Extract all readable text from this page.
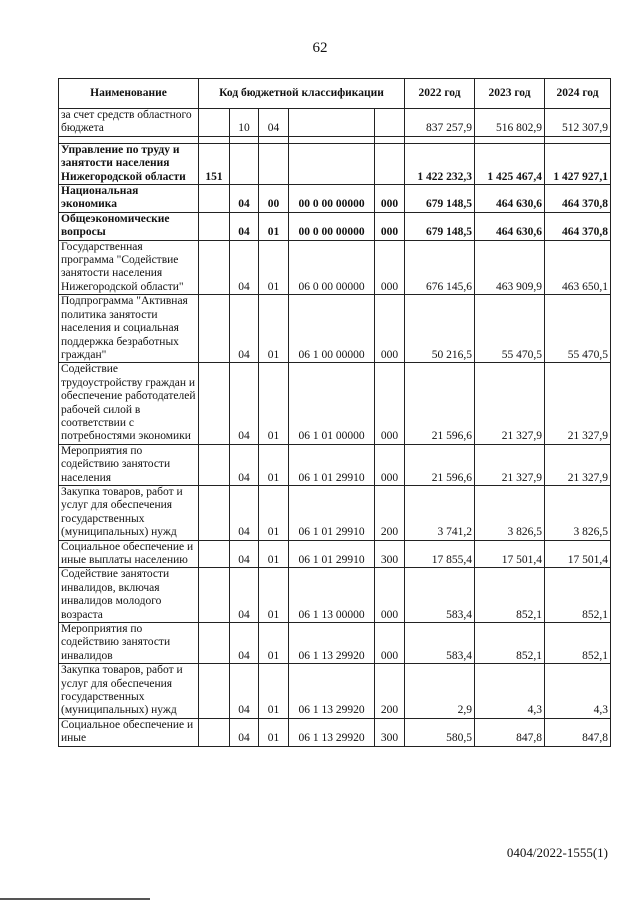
62
Наименование	Код бюджетной классификации					2022 год	2023 год	2024 год
за счет средств областного бюджета		10	04			837 257,9	516 802,9	512 307,9

Управление по труду и занятости населения Нижегородской области	151					1 422 232,3	1 425 467,4	1 427 927,1
Национальная экономика		04	00	00 0 00 00000	000	679 148,5	464 630,6	464 370,8
Общеэкономические вопросы		04	01	00 0 00 00000	000	679 148,5	464 630,6	464 370,8
Государственная программа "Содействие занятости населения Нижегородской области"		04	01	06 0 00 00000	000	676 145,6	463 909,9	463 650,1
Подпрограмма "Активная политика занятости населения и социальная поддержка безработных граждан"		04	01	06 1 00 00000	000	50 216,5	55 470,5	55 470,5
Содействие трудоустройству граждан и обеспечение работодателей рабочей силой в соответствии с потребностями экономики		04	01	06 1 01 00000	000	21 596,6	21 327,9	21 327,9
Мероприятия по содействию занятости населения		04	01	06 1 01 29910	000	21 596,6	21 327,9	21 327,9
Закупка товаров, работ и услуг для обеспечения государственных (муниципальных) нужд		04	01	06 1 01 29910	200	3 741,2	3 826,5	3 826,5
Социальное обеспечение и иные выплаты населению		04	01	06 1 01 29910	300	17 855,4	17 501,4	17 501,4
Содействие занятости инвалидов, включая инвалидов молодого возраста		04	01	06 1 13 00000	000	583,4	852,1	852,1
Мероприятия по содействию занятости инвалидов		04	01	06 1 13 29920	000	583,4	852,1	852,1
Закупка товаров, работ и услуг для обеспечения государственных (муниципальных) нужд		04	01	06 1 13 29920	200	2,9	4,3	4,3
Социальное обеспечение и иные		04	01	06 1 13 29920	300	580,5	847,8	847,8
0404/2022-1555(1)
